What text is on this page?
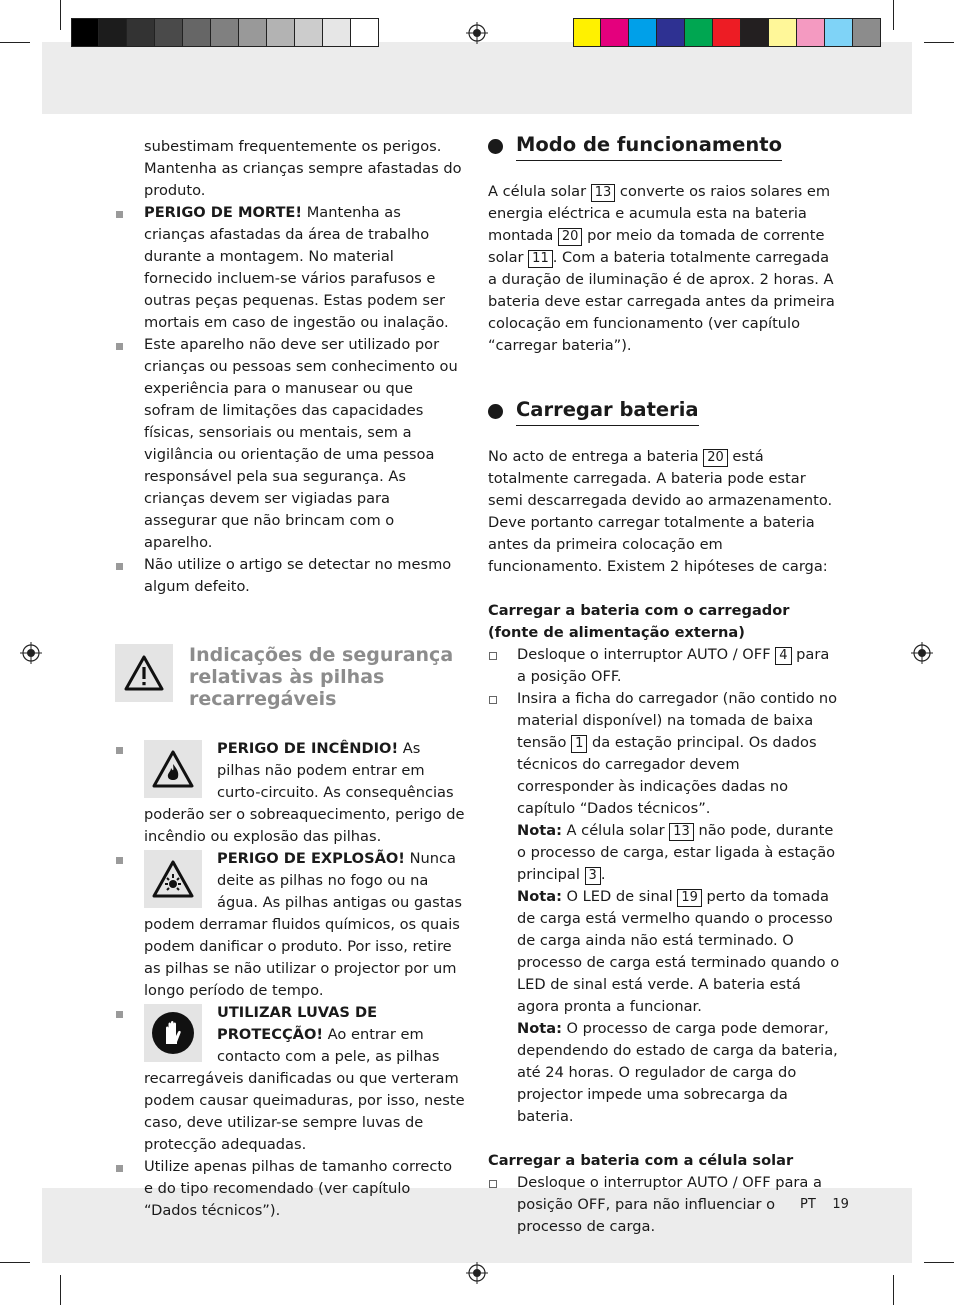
subestimam frequentemente os perigos. Mantenha as crianças sempre afastadas do produto.

PERIGO DE MORTE! Mantenha as crianças afastadas da área de trabalho durante a montagem. No material fornecido incluem-se vários parafusos e outras peças pequenas. Estas podem ser mortais em caso de ingestão ou inalação.
Este aparelho não deve ser utilizado por crianças ou pessoas sem conhecimento ou experiência para o manusear ou que sofram de limitações das capacidades físicas, sensoriais ou mentais, sem a vigilância ou orientação de uma pessoa responsável pela sua segurança. As crianças devem ser vigiadas para assegurar que não brincam com o aparelho.
Não utilize o artigo se detectar no mesmo algum defeito.
Indicações de segurança relativas às pilhas recarregáveis
PERIGO DE INCÊNDIO! As pilhas não podem entrar em curto-circuito. As consequências poderão ser o sobreaquecimento, perigo de incêndio ou explosão das pilhas.
PERIGO DE EXPLOSÃO! Nunca deite as pilhas no fogo ou na água. As pilhas antigas ou gastas podem derramar fluidos químicos, os quais podem danificar o produto. Por isso, retire as pilhas se não utilizar o projector por um longo período de tempo.
UTILIZAR LUVAS DE PROTECÇÃO! Ao entrar em contacto com a pele, as pilhas recarregáveis danificadas ou que verteram podem causar queimaduras, por isso, neste caso, deve utilizar-se sempre luvas de protecção adequadas.
Utilize apenas pilhas de tamanho correcto e do tipo recomendado (ver capítulo “Dados técnicos”).
Modo de funcionamento

A célula solar 13 converte os raios solares em energia eléctrica e acumula esta na bateria montada 20 por meio da tomada de corrente solar 11 . Com a bateria totalmente carregada a duração de iluminação é de aprox. 2 horas. A bateria deve estar carregada antes da primeira colocação em funcionamento (ver capítulo “carregar bateria”).

Carregar bateria

No acto de entrega a bateria 20 está totalmente carregada. A bateria pode estar semi descarregada devido ao armazenamento. Deve portanto carregar totalmente a bateria antes da primeira colocação em funcionamento. Existem 2 hipóteses de carga:

Carregar a bateria com o carregador (fonte de alimentação externa)

Desloque o interruptor AUTO / OFF 4 para a posição OFF.
Insira a ficha do carregador (não contido no material disponível) na tomada de baixa tensão 1 da estação principal. Os dados técnicos do carregador devem corresponder às indicações dadas no capítulo “Dados técnicos”.
Nota: A célula solar 13 não pode, durante o processo de carga, estar ligada à estação principal 3 .
Nota: O LED de sinal 19 perto da tomada de carga está vermelho quando o processo de carga ainda não está terminado. O processo de carga está terminado quando o LED de sinal está verde. A bateria está agora pronta a funcionar.
Nota: O processo de carga pode demorar, dependendo do estado de carga da bateria, até 24 horas. O regulador de carga do projector impede uma sobrecarga da bateria.

Carregar a bateria com a célula solar

Desloque o interruptor AUTO / OFF para a posição OFF, para não influenciar o processo de carga.
PT 19
